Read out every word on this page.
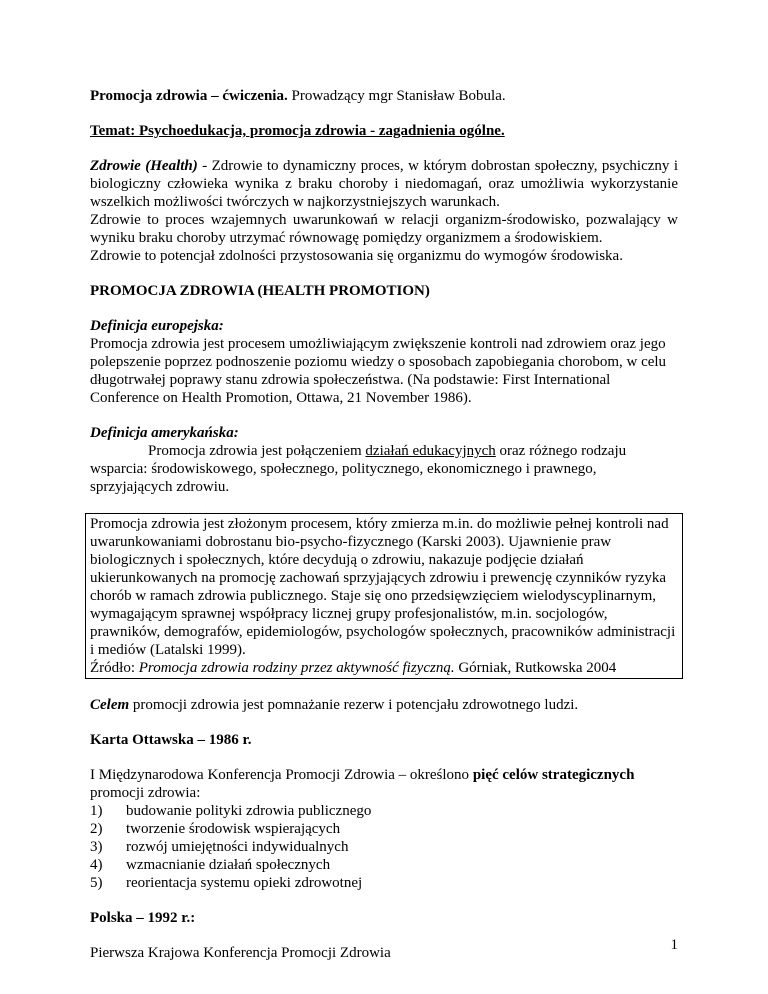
Promocja zdrowia – ćwiczenia. Prowadzący mgr Stanisław Bobula.

Temat: Psychoedukacja, promocja zdrowia - zagadnienia ogólne.

Zdrowie (Health) - Zdrowie to dynamiczny proces, w którym dobrostan społeczny, psychiczny i biologiczny człowieka wynika z braku choroby i niedomagań, oraz umożliwia wykorzystanie wszelkich możliwości twórczych w najkorzystniejszych warunkach.

Zdrowie to proces wzajemnych uwarunkowań w relacji organizm-środowisko, pozwalający w wyniku braku choroby utrzymać równowagę pomiędzy organizmem a środowiskiem.

Zdrowie to potencjał zdolności przystosowania się organizmu do wymogów środowiska.

PROMOCJA ZDROWIA (HEALTH PROMOTION)

Definicja europejska:

Promocja zdrowia jest procesem umożliwiającym zwiększenie kontroli nad zdrowiem oraz jego polepszenie poprzez podnoszenie poziomu wiedzy o sposobach zapobiegania chorobom, w celu długotrwałej poprawy stanu zdrowia społeczeństwa. (Na podstawie: First International Conference on Health Promotion, Ottawa, 21 November 1986).

Definicja amerykańska:

Promocja zdrowia jest połączeniem działań edukacyjnych oraz różnego rodzaju wsparcia: środowiskowego, społecznego, politycznego, ekonomicznego i prawnego, sprzyjających zdrowiu.

Promocja zdrowia jest złożonym procesem, który zmierza m.in. do możliwie pełnej kontroli nad uwarunkowaniami dobrostanu bio-psycho-fizycznego (Karski 2003). Ujawnienie praw biologicznych i społecznych, które decydują o zdrowiu, nakazuje podjęcie działań ukierunkowanych na promocję zachowań sprzyjających zdrowiu i prewencję czynników ryzyka chorób w ramach zdrowia publicznego. Staje się ono przedsięwzięciem wielodyscyplinarnym, wymagającym sprawnej współpracy licznej grupy profesjonalistów, m.in. socjologów, prawników, demografów, epidemiologów, psychologów społecznych, pracowników administracji i mediów (Latalski 1999).

Źródło: Promocja zdrowia rodziny przez aktywność fizyczną. Górniak, Rutkowska 2004

Celem promocji zdrowia jest pomnażanie rezerw i potencjału zdrowotnego ludzi.

Karta Ottawska – 1986 r.

I Międzynarodowa Konferencja Promocji Zdrowia – określono pięć celów strategicznych promocji zdrowia:

1)	budowanie polityki zdrowia publicznego
2)	tworzenie środowisk wspierających
3)	rozwój umiejętności indywidualnych
4)	wzmacnianie działań społecznych
5)	reorientacja systemu opieki zdrowotnej

Polska – 1992 r.:

Pierwsza Krajowa Konferencja Promocji Zdrowia	1
